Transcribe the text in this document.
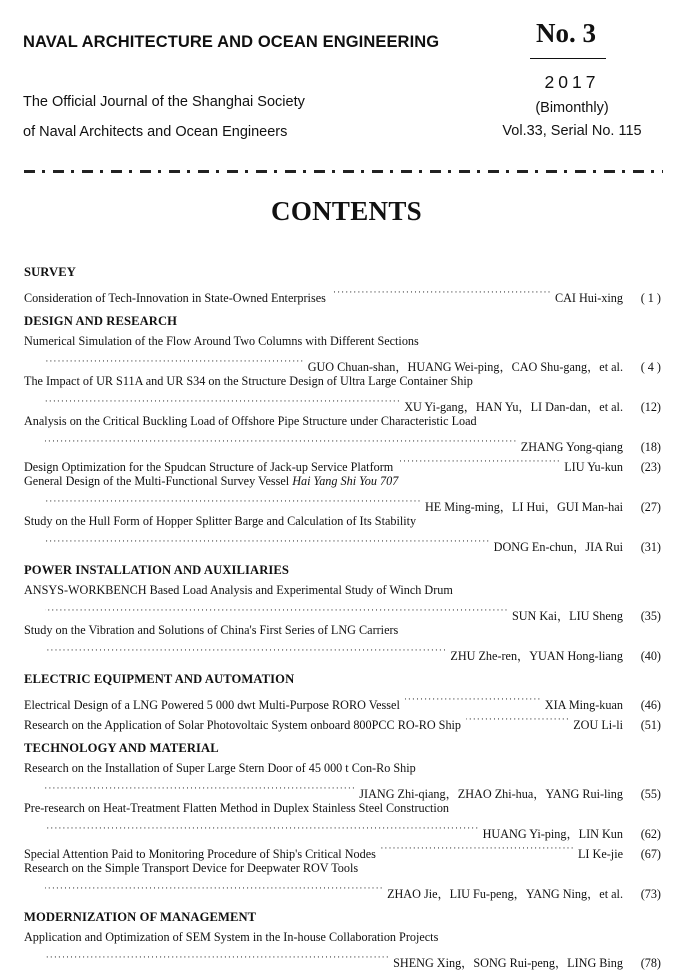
NAVAL ARCHITECTURE AND OCEAN ENGINEERING
The Official Journal of the Shanghai Society
of Naval Architects and Ocean Engineers
No. 3
2017
(Bimonthly)
Vol.33, Serial No. 115
CONTENTS
SURVEY
Consideration of Tech-Innovation in State-Owned Enterprises · · ·	CAI Hui-xing	( 1 )
DESIGN AND RESEARCH
Numerical Simulation of the Flow Around Two Columns with Different Sections
· · ·
GUO Chuan-shan，HUANG Wei-ping，CAO Shu-gang，et al.	( 4 )
The Impact of UR S11A and UR S34 on the Structure Design of Ultra Large Container Ship
· · ·
XU Yi-gang，HAN Yu，LI Dan-dan，et al.	(12)
Analysis on the Critical Buckling Load of Offshore Pipe Structure under Characteristic Load
· · ·
ZHANG Yong-qiang	(18)
Design Optimization for the Spudcan Structure of Jack-up Service Platform · · ·	LIU Yu-kun	(23)
General Design of the Multi-Functional Survey Vessel Hai Yang Shi You 707
· · ·
HE Ming-ming，LI Hui，GUI Man-hai	(27)
Study on the Hull Form of Hopper Splitter Barge and Calculation of Its Stability
· · ·
DONG En-chun，JIA Rui	(31)
POWER INSTALLATION AND AUXILIARIES
ANSYS-WORKBENCH Based Load Analysis and Experimental Study of Winch Drum
· · ·
SUN Kai，LIU Sheng	(35)
Study on the Vibration and Solutions of China's First Series of LNG Carriers
· · ·
ZHU Zhe-ren，YUAN Hong-liang	(40)
ELECTRIC EQUIPMENT AND AUTOMATION
Electrical Design of a LNG Powered 5 000 dwt Multi-Purpose RORO Vessel · · ·	XIA Ming-kuan	(46)
Research on the Application of Solar Photovoltaic System onboard 800PCC RO-RO Ship · · ·	ZOU Li-li	(51)
TECHNOLOGY AND MATERIAL
Research on the Installation of Super Large Stern Door of 45 000 t Con-Ro Ship
· · ·
JIANG Zhi-qiang，ZHAO Zhi-hua，YANG Rui-ling	(55)
Pre-research on Heat-Treatment Flatten Method in Duplex Stainless Steel Construction
· · ·
HUANG Yi-ping，LIN Kun	(62)
Special Attention Paid to Monitoring Procedure of Ship's Critical Nodes · · ·	LI Ke-jie	(67)
Research on the Simple Transport Device for Deepwater ROV Tools
· · ·
ZHAO Jie，LIU Fu-peng，YANG Ning，et al.	(73)
MODERNIZATION OF MANAGEMENT
Application and Optimization of SEM System in the In-house Collaboration Projects
· · ·
SHENG Xing，SONG Rui-peng，LING Bing	(78)
